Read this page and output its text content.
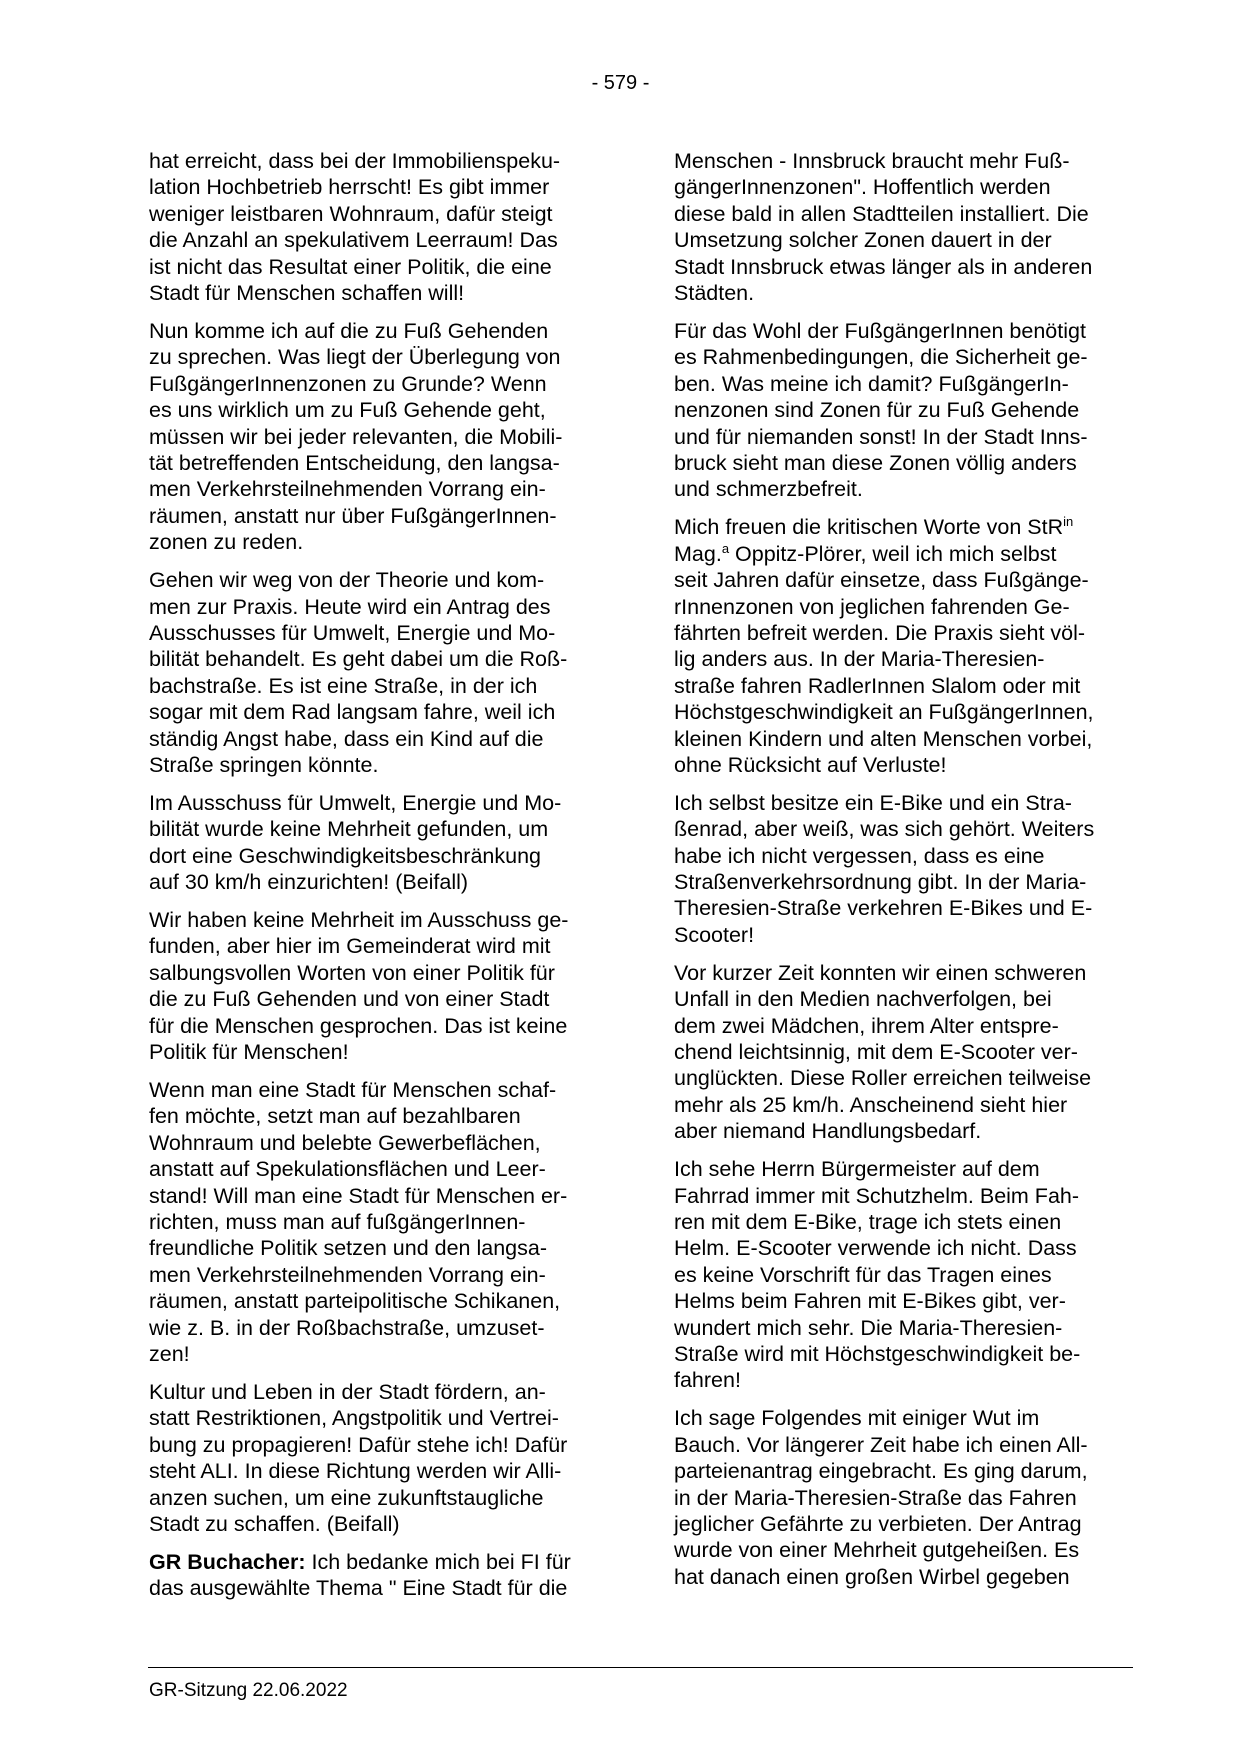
- 579 -
hat erreicht, dass bei der Immobilienspeku-
lation Hochbetrieb herrscht! Es gibt immer
weniger leistbaren Wohnraum, dafür steigt
die Anzahl an spekulativem Leerraum! Das
ist nicht das Resultat einer Politik, die eine
Stadt für Menschen schaffen will!
Nun komme ich auf die zu Fuß Gehenden
zu sprechen. Was liegt der Überlegung von
FußgängerInnenzonen zu Grunde? Wenn
es uns wirklich um zu Fuß Gehende geht,
müssen wir bei jeder relevanten, die Mobili-
tät betreffenden Entscheidung, den langsa-
men Verkehrsteilnehmenden Vorrang ein-
räumen, anstatt nur über FußgängerInnen-
zonen zu reden.
Gehen wir weg von der Theorie und kom-
men zur Praxis. Heute wird ein Antrag des
Ausschusses für Umwelt, Energie und Mo-
bilität behandelt. Es geht dabei um die Roß-
bachstraße. Es ist eine Straße, in der ich
sogar mit dem Rad langsam fahre, weil ich
ständig Angst habe, dass ein Kind auf die
Straße springen könnte.
Im Ausschuss für Umwelt, Energie und Mo-
bilität wurde keine Mehrheit gefunden, um
dort eine Geschwindigkeitsbeschränkung
auf 30 km/h einzurichten! (Beifall)
Wir haben keine Mehrheit im Ausschuss ge-
funden, aber hier im Gemeinderat wird mit
salbungsvollen Worten von einer Politik für
die zu Fuß Gehenden und von einer Stadt
für die Menschen gesprochen. Das ist keine
Politik für Menschen!
Wenn man eine Stadt für Menschen schaf-
fen möchte, setzt man auf bezahlbaren
Wohnraum und belebte Gewerbeflächen,
anstatt auf Spekulationsflächen und Leer-
stand! Will man eine Stadt für Menschen er-
richten, muss man auf fußgängerInnen-
freundliche Politik setzen und den langsa-
men Verkehrsteilnehmenden Vorrang ein-
räumen, anstatt parteipolitische Schikanen,
wie z. B. in der Roßbachstraße, umzuset-
zen!
Kultur und Leben in der Stadt fördern, an-
statt Restriktionen, Angstpolitik und Vertrei-
bung zu propagieren! Dafür stehe ich! Dafür
steht ALI. In diese Richtung werden wir Alli-
anzen suchen, um eine zukunftstaugliche
Stadt zu schaffen. (Beifall)
GR Buchacher: Ich bedanke mich bei FI für
das ausgewählte Thema " Eine Stadt für die
Menschen - Innsbruck braucht mehr Fuß-
gängerInnenzonen". Hoffentlich werden
diese bald in allen Stadtteilen installiert. Die
Umsetzung solcher Zonen dauert in der
Stadt Innsbruck etwas länger als in anderen
Städten.
Für das Wohl der FußgängerInnen benötigt
es Rahmenbedingungen, die Sicherheit ge-
ben. Was meine ich damit? FußgängerIn-
nenzonen sind Zonen für zu Fuß Gehende
und für niemanden sonst! In der Stadt Inns-
bruck sieht man diese Zonen völlig anders
und schmerzbefreit.
Mich freuen die kritischen Worte von StR$^{in}$
Mag.$^a$ Oppitz-Plörer, weil ich mich selbst
seit Jahren dafür einsetze, dass Fußgänge-
rInnenzonen von jeglichen fahrenden Ge-
fährten befreit werden. Die Praxis sieht völ-
lig anders aus. In der Maria-Theresien-
straße fahren RadlerInnen Slalom oder mit
Höchstgeschwindigkeit an FußgängerInnen,
kleinen Kindern und alten Menschen vorbei,
ohne Rücksicht auf Verluste!
Ich selbst besitze ein E-Bike und ein Stra-
ßenrad, aber weiß, was sich gehört. Weiters
habe ich nicht vergessen, dass es eine
Straßenverkehrsordnung gibt. In der Maria-
Theresien-Straße verkehren E-Bikes und E-
Scooter!
Vor kurzer Zeit konnten wir einen schweren
Unfall in den Medien nachverfolgen, bei
dem zwei Mädchen, ihrem Alter entspre-
chend leichtsinnig, mit dem E-Scooter ver-
unglückten. Diese Roller erreichen teilweise
mehr als 25 km/h. Anscheinend sieht hier
aber niemand Handlungsbedarf.
Ich sehe Herrn Bürgermeister auf dem
Fahrrad immer mit Schutzhelm. Beim Fah-
ren mit dem E-Bike, trage ich stets einen
Helm. E-Scooter verwende ich nicht. Dass
es keine Vorschrift für das Tragen eines
Helms beim Fahren mit E-Bikes gibt, ver-
wundert mich sehr. Die Maria-Theresien-
Straße wird mit Höchstgeschwindigkeit be-
fahren!
Ich sage Folgendes mit einiger Wut im
Bauch. Vor längerer Zeit habe ich einen All-
parteienantrag eingebracht. Es ging darum,
in der Maria-Theresien-Straße das Fahren
jeglicher Gefährte zu verbieten. Der Antrag
wurde von einer Mehrheit gutgeheißen. Es
hat danach einen großen Wirbel gegeben
GR-Sitzung 22.06.2022
